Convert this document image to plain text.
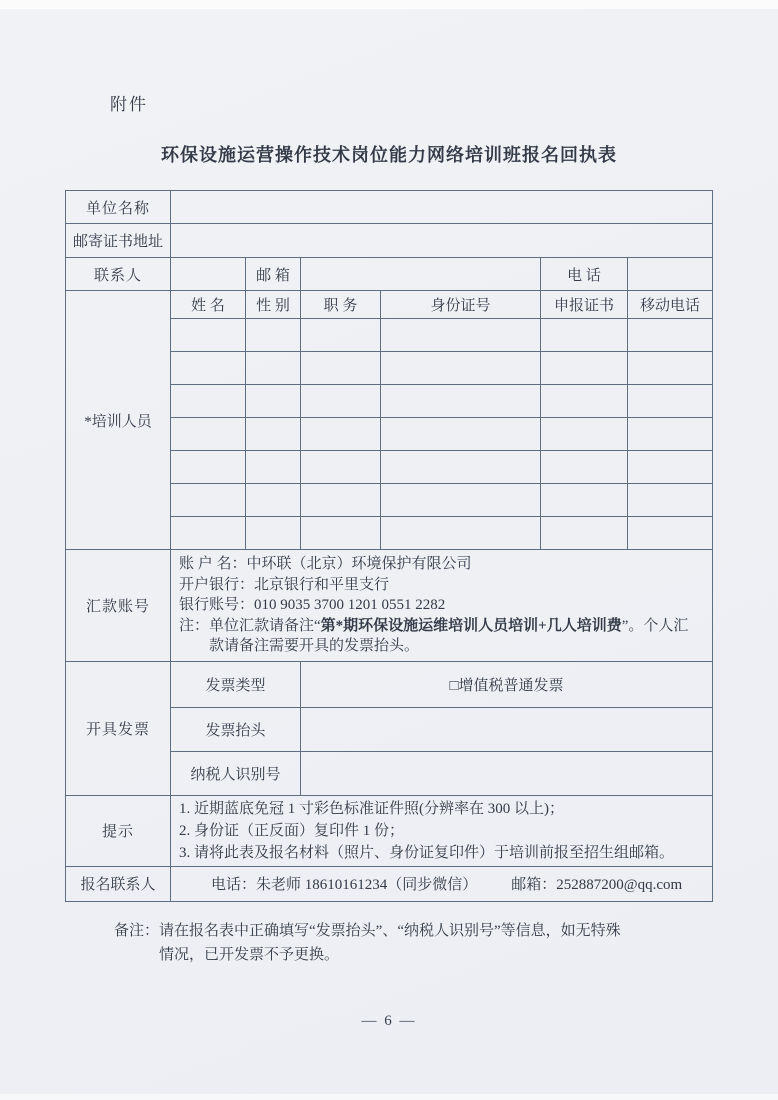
附件
环保设施运营操作技术岗位能力网络培训班报名回执表
单位名称						
邮寄证书地址						
联系人		邮 箱			电 话	
*培训人员	姓 名	性 别	职 务	身份证号	申报证书	移动电话

汇款账号	账 户 名：中环联（北京）环境保护有限公司
开户银行：北京银行和平里支行
银行账号：010 9035 3700 1201 0551 2282
注：单位汇款请备注“第*期环保设施运维培训人员培训+几人培训费”。个人汇款请备注需要开具的发票抬头。					

开具发票	发票类型		□增值税普通发票			
	发票抬头					
	纳税人识别号					
提示	1. 近期蓝底免冠 1 寸彩色标准证件照(分辨率在 300 以上)；
2. 身份证（正反面）复印件 1 份；
3. 请将此表及报名材料（照片、身份证复印件）于培训前报至招生组邮箱。					

报名联系人	电话：朱老师 18610161234（同步微信） 邮箱：252887200@qq.com					
备注： 请在报名表中正确填写“发票抬头”、“纳税人识别号”等信息，如无特殊
情况，已开发票不予更换。
— 6 —
